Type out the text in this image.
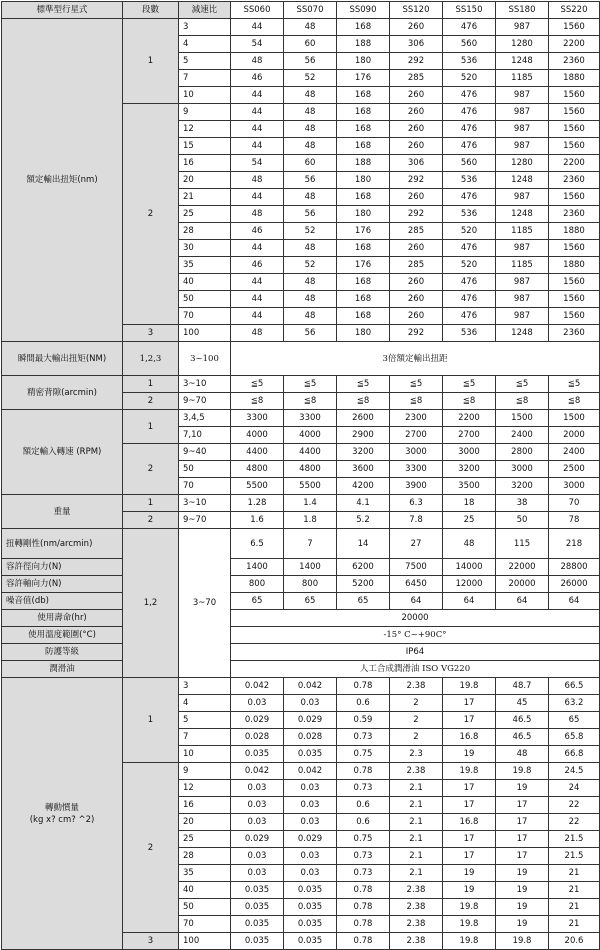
標準型行星式	段數	減速比	SS060	SS070	SS090	SS120	SS150	SS180	SS220
額定輸出扭矩(nm)	1	3	44	48	168	260	476	987	1560
		4	54	60	188	306	560	1280	2200
		5	48	56	180	292	536	1248	2360
		7	46	52	176	285	520	1185	1880
		10	44	48	168	260	476	987	1560
	2	9	44	48	168	260	476	987	1560
		12	44	48	168	260	476	987	1560
		15	44	48	168	260	476	987	1560
		16	54	60	188	306	560	1280	2200
		20	48	56	180	292	536	1248	2360
		21	44	48	168	260	476	987	1560
		25	48	56	180	292	536	1248	2360
		28	46	52	176	285	520	1185	1880
		30	44	48	168	260	476	987	1560
		35	46	52	176	285	520	1185	1880
		40	44	48	168	260	476	987	1560
		50	44	48	168	260	476	987	1560
		70	44	48	168	260	476	987	1560
	3	100	48	56	180	292	536	1248	2360
瞬間最大輸出扭矩(NM)	1,2,3	3~100	3倍額定輸出扭距						
精密背隙(arcmin)	1	3~10	≦5	≦5	≦5	≦5	≦5	≦5	≦5
	2	9~70	≦8	≦8	≦8	≦8	≦8	≦8	≦8
額定輸入轉速 (RPM)	1	3,4,5	3300	3300	2600	2300	2200	1500	1500
		7,10	4000	4000	2900	2700	2700	2400	2000
	2	9~40	4400	4400	3200	3000	3000	2800	2400
		50	4800	4800	3600	3300	3200	3000	2500
		70	5500	5500	4200	3900	3500	3200	3000
重量	1	3~10	1.28	1.4	4.1	6.3	18	38	70
	2	9~70	1.6	1.8	5.2	7.8	25	50	78
扭轉剛性(nm/arcmin)	1,2	3~70	6.5	7	14	27	48	115	218
容許徑向力(N)			1400	1400	6200	7500	14000	22000	28800
容許軸向力(N)			800	800	5200	6450	12000	20000	26000
噪音值(db)			65	65	65	64	64	64	64
使用壽命(hr)			20000						
使用溫度範圍(°C)			-15° C~+90C°						
防護等級			IP64						
潤滑油			人工合成潤滑油 ISO VG220						

轉動慣量
(kg x? cm? ^2)	1	3	0.042	0.042	0.78	2.38	19.8	48.7	66.5
		4	0.03	0.03	0.6	2	17	45	63.2
		5	0.029	0.029	0.59	2	17	46.5	65
		7	0.028	0.028	0.73	2	16.8	46.5	65.8
		10	0.035	0.035	0.75	2.3	19	48	66.8
	2	9	0.042	0.042	0.78	2.38	19.8	19.8	24.5
		12	0.03	0.03	0.73	2.1	17	19	24
		16	0.03	0.03	0.6	2.1	17	17	22
		20	0.03	0.03	0.6	2.1	16.8	17	22
		25	0.029	0.029	0.75	2.1	17	17	21.5
		28	0.03	0.03	0.73	2.1	17	17	21.5
		35	0.03	0.03	0.73	2.1	19	19	21
		40	0.035	0.035	0.78	2.38	19	19	21
		50	0.035	0.035	0.78	2.38	19.8	19	21
		70	0.035	0.035	0.78	2.38	19.8	19	21
	3	100	0.035	0.035	0.78	2.38	19.8	19.8	20.6
